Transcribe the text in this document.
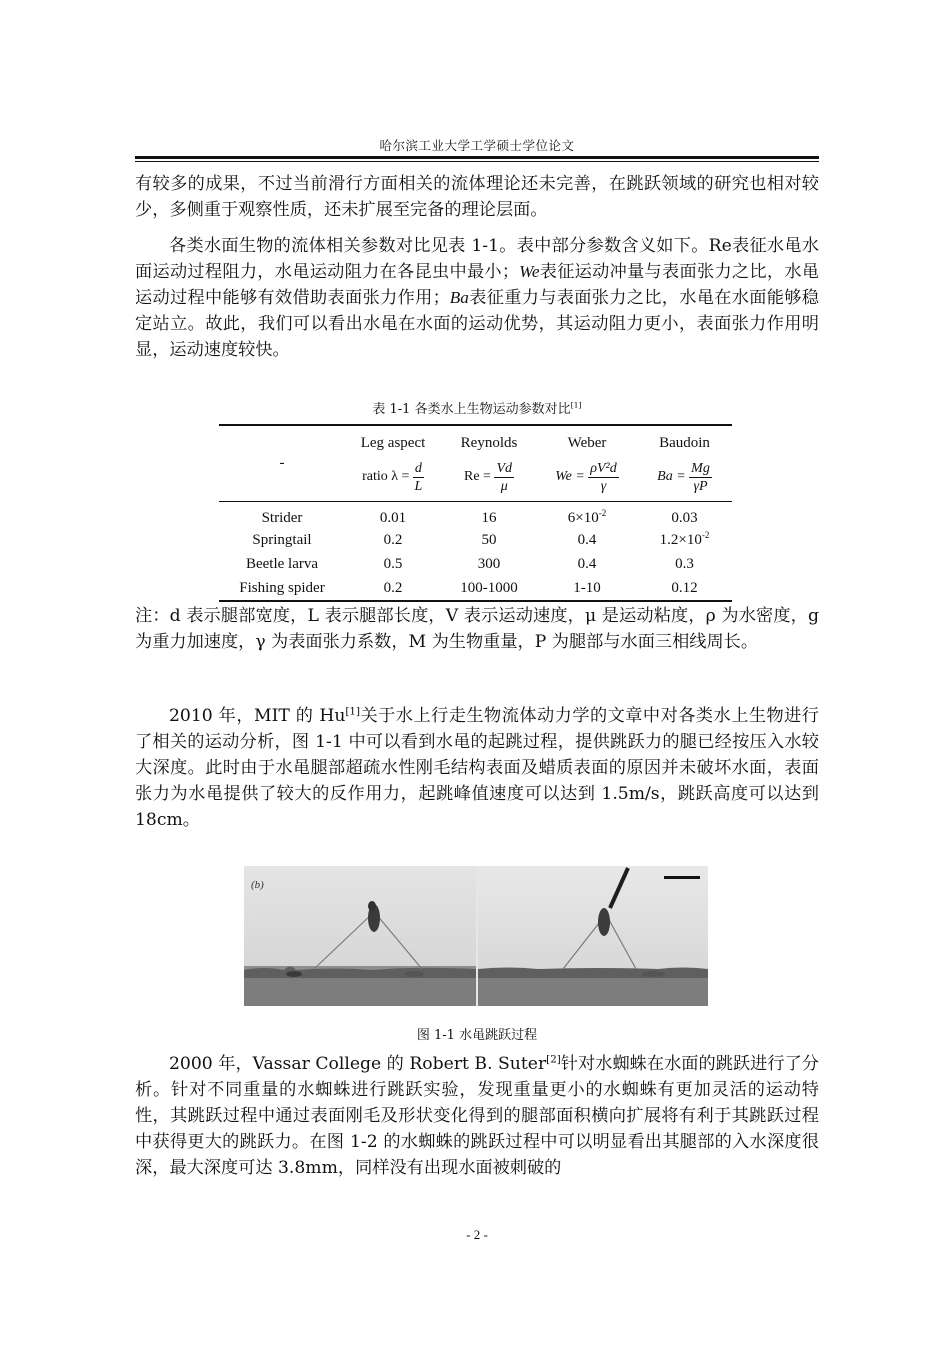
哈尔滨工业大学工学硕士学位论文

有较多的成果，不过当前滑行方面相关的流体理论还未完善，在跳跃领域的研究也相对较少，多侧重于观察性质，还未扩展至完备的理论层面。

各类水面生物的流体相关参数对比见表 1-1。表中部分参数含义如下。Re表征水黾水面运动过程阻力，水黾运动阻力在各昆虫中最小；We表征运动冲量与表面张力之比，水黾运动过程中能够有效借助表面张力作用；Ba表征重力与表面张力之比，水黾在水面能够稳定站立。故此，我们可以看出水黾在水面的运动优势，其运动阻力更小，表面张力作用明显，运动速度较快。

表 1-1 各类水上生物运动参数对比[1]
-	Leg aspect	Reynolds	Weber	Baudoin
	ratio $\lambda = \frac{d}{L}$	$Re = \frac{Vd}{\mu}$	$We = \frac{\text{ρV²d}}{\gamma}$	$Ba = \frac{Mg}{\gamma P}$

Strider	0.01	16	$6\times 10^{-2}$	0.03
Springtail	0.2	50	0.4	$1.2\times 10^{-2}$
Beetle larva	0.5	300	0.4	0.3
Fishing spider	0.2	100-1000	1-10	0.12

注：d 表示腿部宽度，L 表示腿部长度，V 表示运动速度，μ 是运动粘度，ρ 为水密度，g 为重力加速度，γ 为表面张力系数，M 为生物重量，P 为腿部与水面三相线周长。

2010 年，MIT 的 Hu[1]关于水上行走生物流体动力学的文章中对各类水上生物进行了相关的运动分析，图 1-1 中可以看到水黾的起跳过程，提供跳跃力的腿已经按压入水较大深度。此时由于水黾腿部超疏水性刚毛结构表面及蜡质表面的原因并未破坏水面，表面张力为水黾提供了较大的反作用力，起跳峰值速度可以达到 1.5m/s，跳跃高度可以达到 18cm。

(b)
图 1-1 水黾跳跃过程

2000 年，Vassar College 的 Robert B. Suter[2]针对水蜘蛛在水面的跳跃进行了分析。针对不同重量的水蜘蛛进行跳跃实验，发现重量更小的水蜘蛛有更加灵活的运动特性，其跳跃过程中通过表面刚毛及形状变化得到的腿部面积横向扩展将有利于其跳跃过程中获得更大的跳跃力。在图 1-2 的水蜘蛛的跳跃过程中可以明显看出其腿部的入水深度很深，最大深度可达 3.8mm，同样没有出现水面被刺破的

- 2 -
